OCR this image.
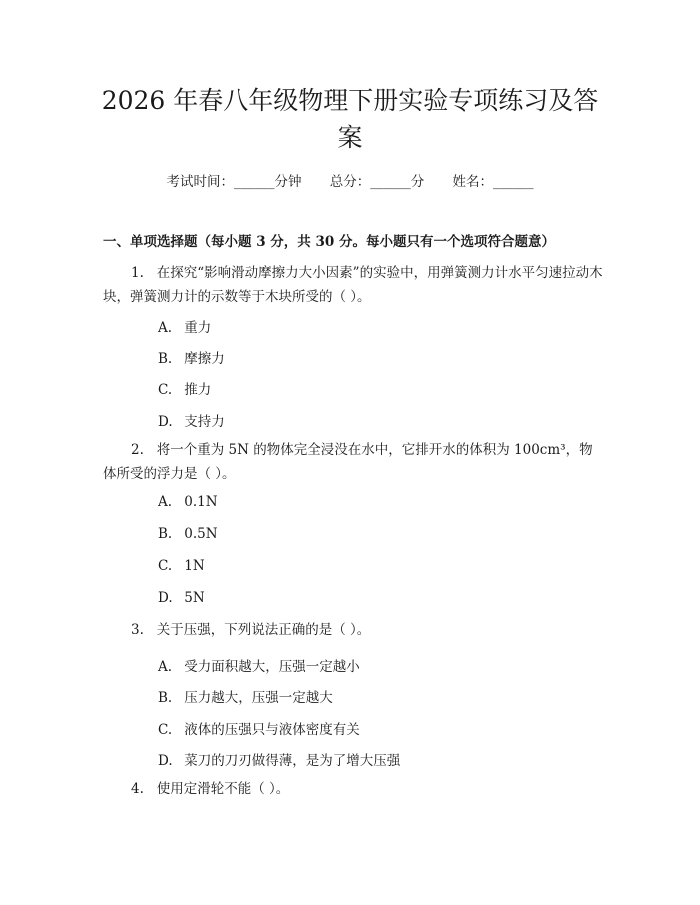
2026 年春八年级物理下册实验专项练习及答案
考试时间：______分钟 总分：______分 姓名：______
一、单项选择题（每小题 3 分，共 30 分。每小题只有一个选项符合题意）
1. 在探究“影响滑动摩擦力大小因素”的实验中，用弹簧测力计水平匀速拉动木块，弹簧测力计的示数等于木块所受的（ ）。
A. 重力
B. 摩擦力
C. 推力
D. 支持力
2. 将一个重为 5N 的物体完全浸没在水中，它排开水的体积为 100cm³，物体所受的浮力是（ ）。
A. 0.1N
B. 0.5N
C. 1N
D. 5N
3. 关于压强，下列说法正确的是（ ）。
A. 受力面积越大，压强一定越小
B. 压力越大，压强一定越大
C. 液体的压强只与液体密度有关
D. 菜刀的刀刃做得薄，是为了增大压强
4. 使用定滑轮不能（ ）。
